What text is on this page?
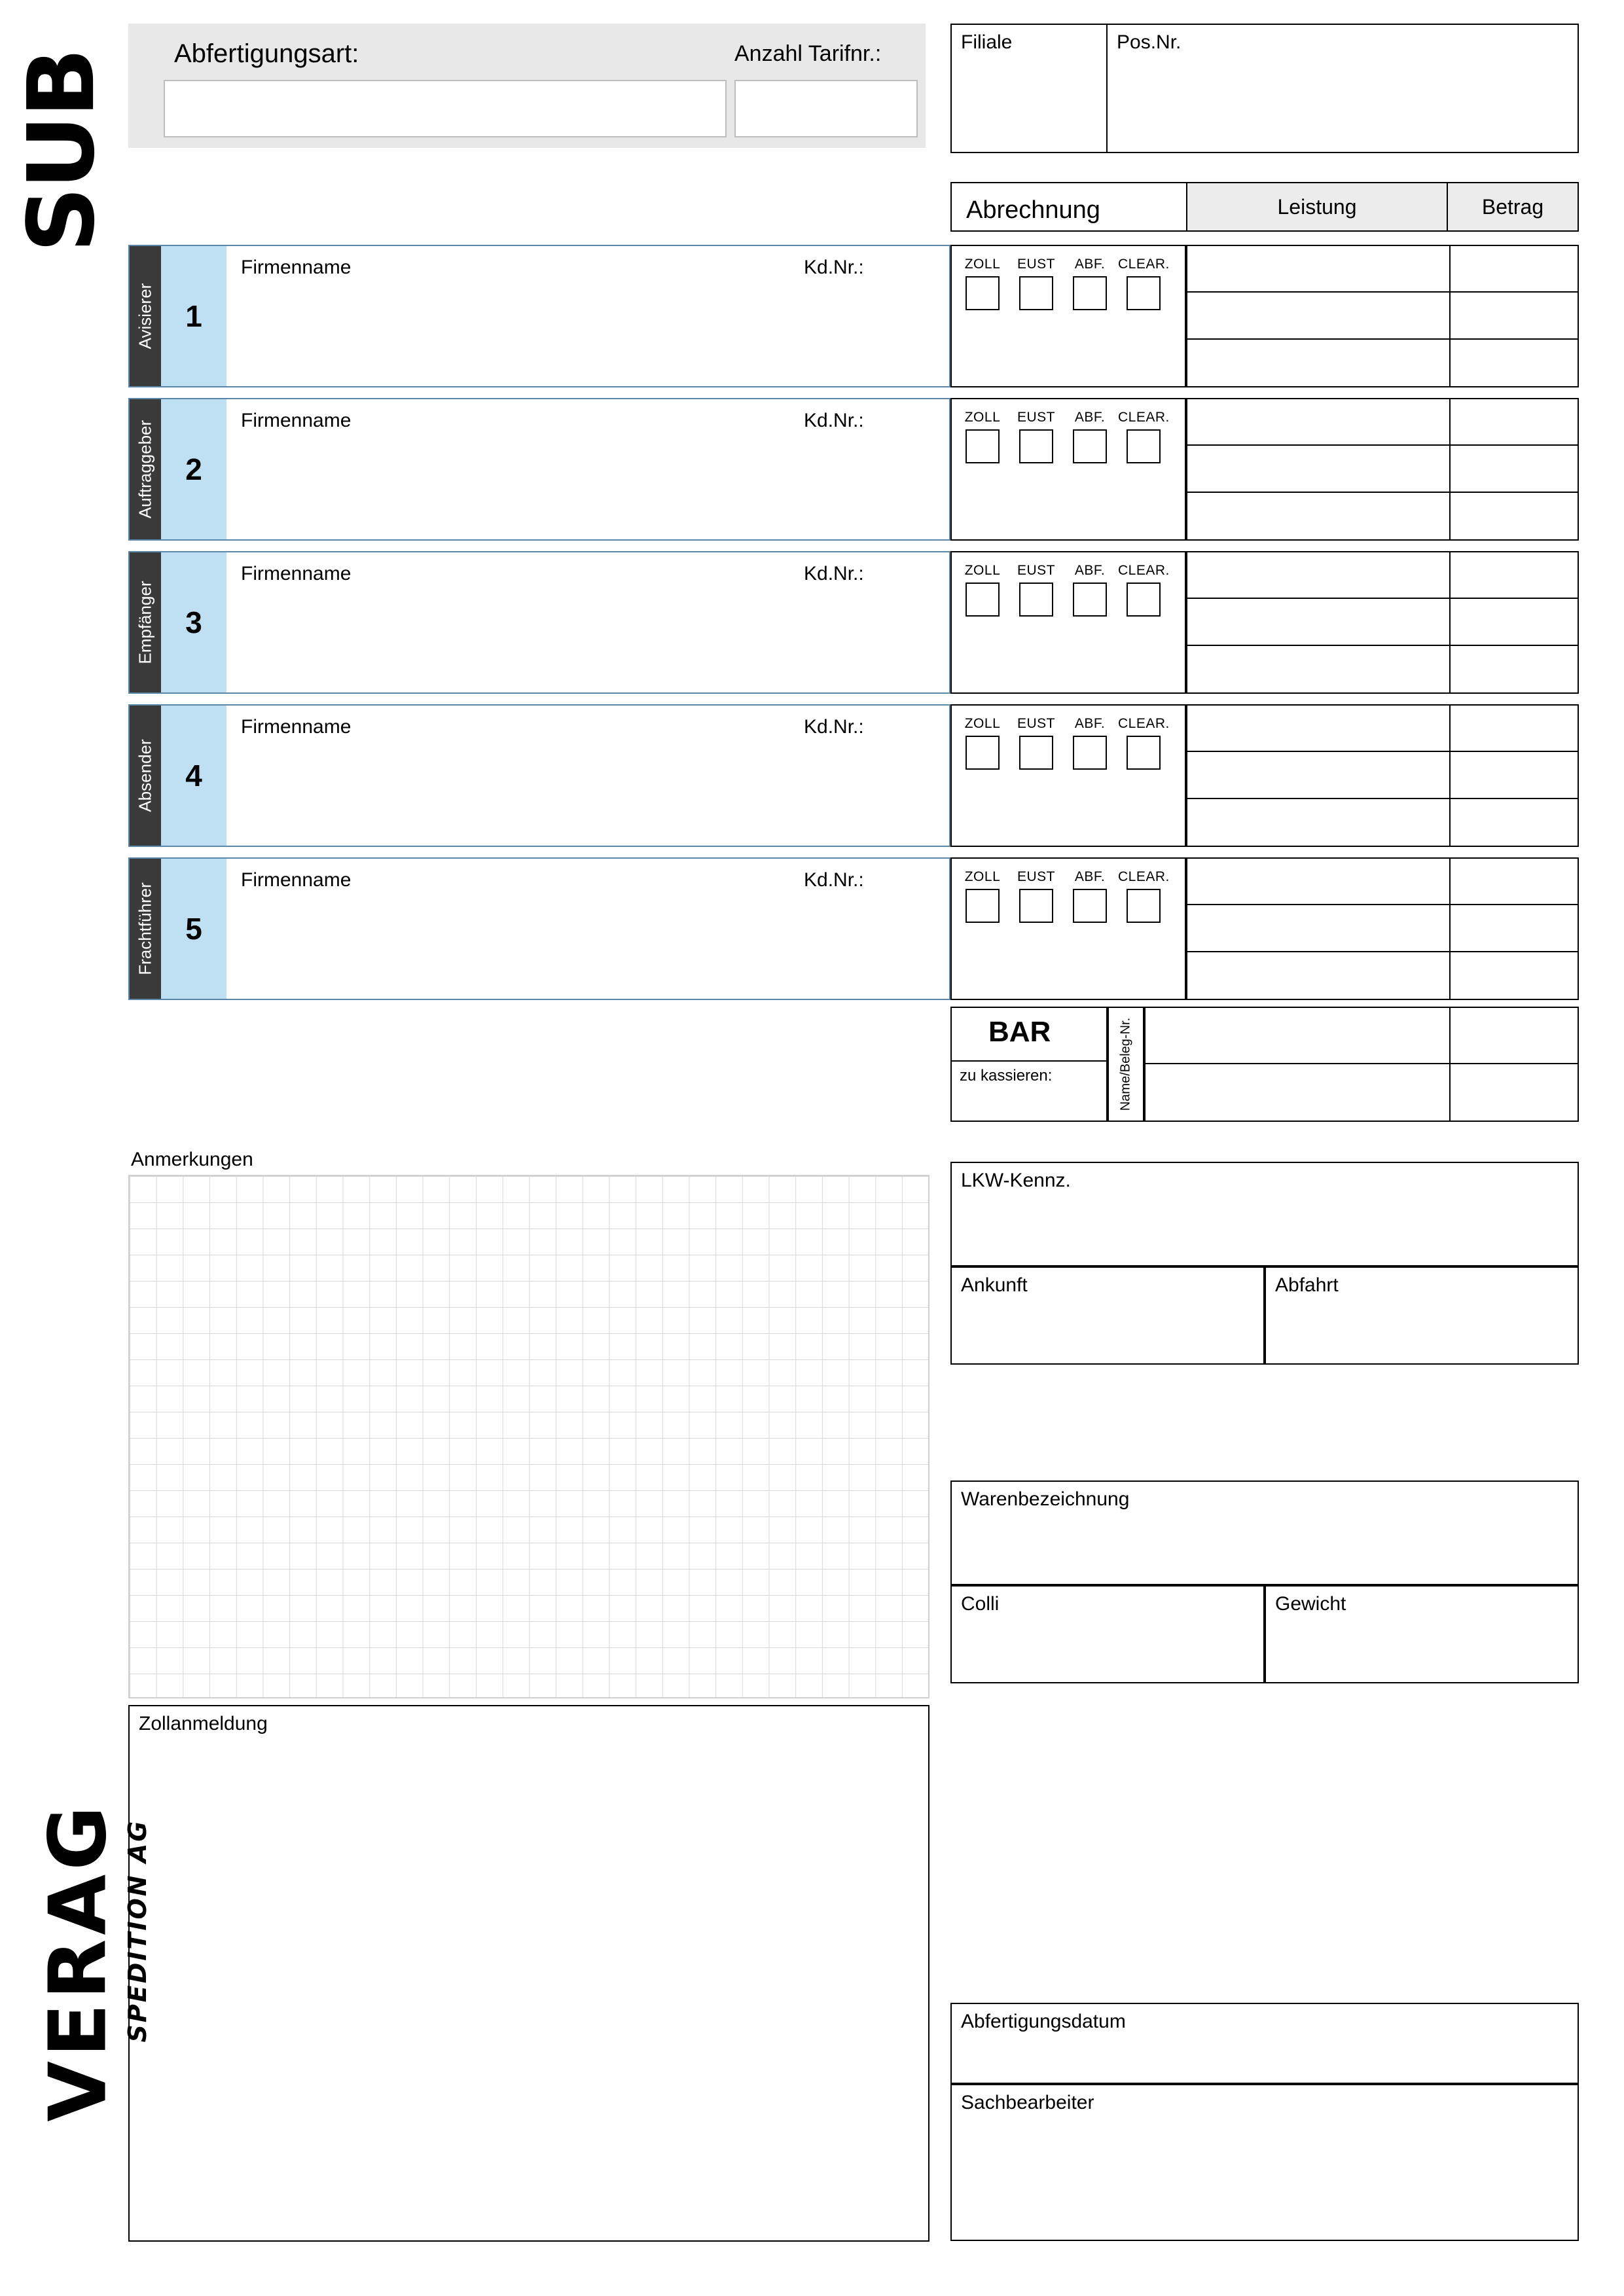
SUB
VERAG
SPEDITION AG
Abfertigungsart:	Anzahl Tarifnr.:	Filiale	Pos.Nr.
Abrechnung	Leistung	Betrag
Avisierer	1
Firmenname	Kd.Nr.:	ZOLL	EUST	ABF. CLEAR.
Auftraggeber	2
Firmenname	Kd.Nr.:	ZOLL	EUST	ABF. CLEAR.
Empfänger	3
Firmenname	Kd.Nr.:	ZOLL	EUST	ABF. CLEAR.
Absender	4
Firmenname	Kd.Nr.:	ZOLL	EUST	ABF. CLEAR.
Frachtführer	5
Firmenname	Kd.Nr.:	ZOLL	EUST	ABF. CLEAR.
BAR
zu kassieren:	Name/Beleg-Nr.
Anmerkungen
LKW-Kennz.
Ankunft	Abfahrt
Warenbezeichnung
Colli	Gewicht
Zollanmeldung
Abfertigungsdatum
Sachbearbeiter
